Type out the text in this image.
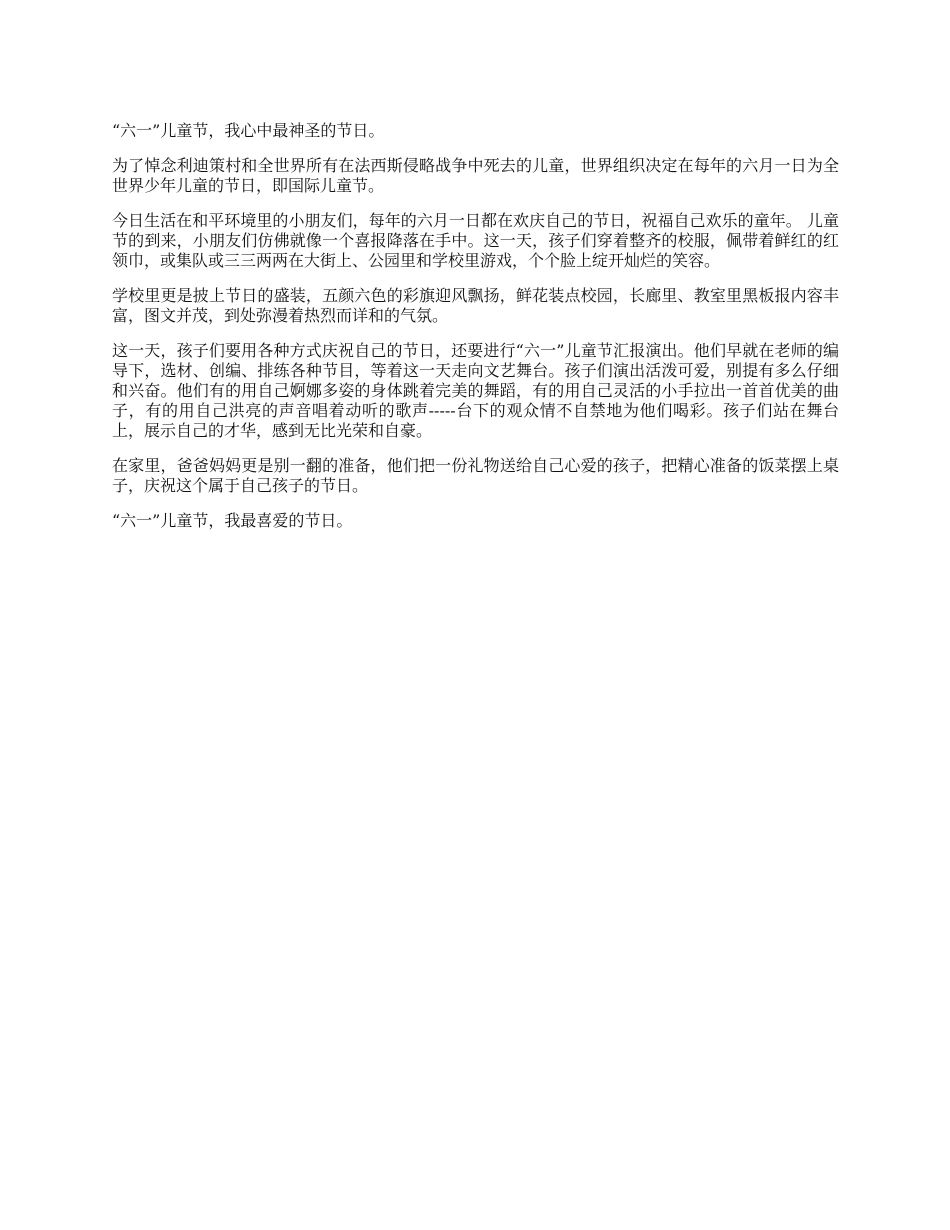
“六一”儿童节，我心中最神圣的节日。

为了悼念利迪策村和全世界所有在法西斯侵略战争中死去的儿童，世界组织决定在每年的六月一日为全世界少年儿童的节日，即国际儿童节。

今日生活在和平环境里的小朋友们，每年的六月一日都在欢庆自己的节日，祝福自己欢乐的童年。 儿童节的到来，小朋友们仿佛就像一个喜报降落在手中。这一天，孩子们穿着整齐的校服，佩带着鲜红的红领巾，或集队或三三两两在大街上、公园里和学校里游戏，个个脸上绽开灿烂的笑容。

学校里更是披上节日的盛装，五颜六色的彩旗迎风飘扬，鲜花装点校园，长廊里、教室里黑板报内容丰富，图文并茂，到处弥漫着热烈而详和的气氛。

这一天，孩子们要用各种方式庆祝自己的节日，还要进行“六一”儿童节汇报演出。他们早就在老师的编导下，选材、创编、排练各种节目，等着这一天走向文艺舞台。孩子们演出活泼可爱，别提有多么仔细和兴奋。他们有的用自己婀娜多姿的身体跳着完美的舞蹈，有的用自己灵活的小手拉出一首首优美的曲子，有的用自己洪亮的声音唱着动听的歌声-----台下的观众情不自禁地为他们喝彩。孩子们站在舞台上，展示自己的才华，感到无比光荣和自豪。

在家里，爸爸妈妈更是别一翻的准备，他们把一份礼物送给自己心爱的孩子，把精心准备的饭菜摆上桌子，庆祝这个属于自己孩子的节日。

“六一”儿童节，我最喜爱的节日。
